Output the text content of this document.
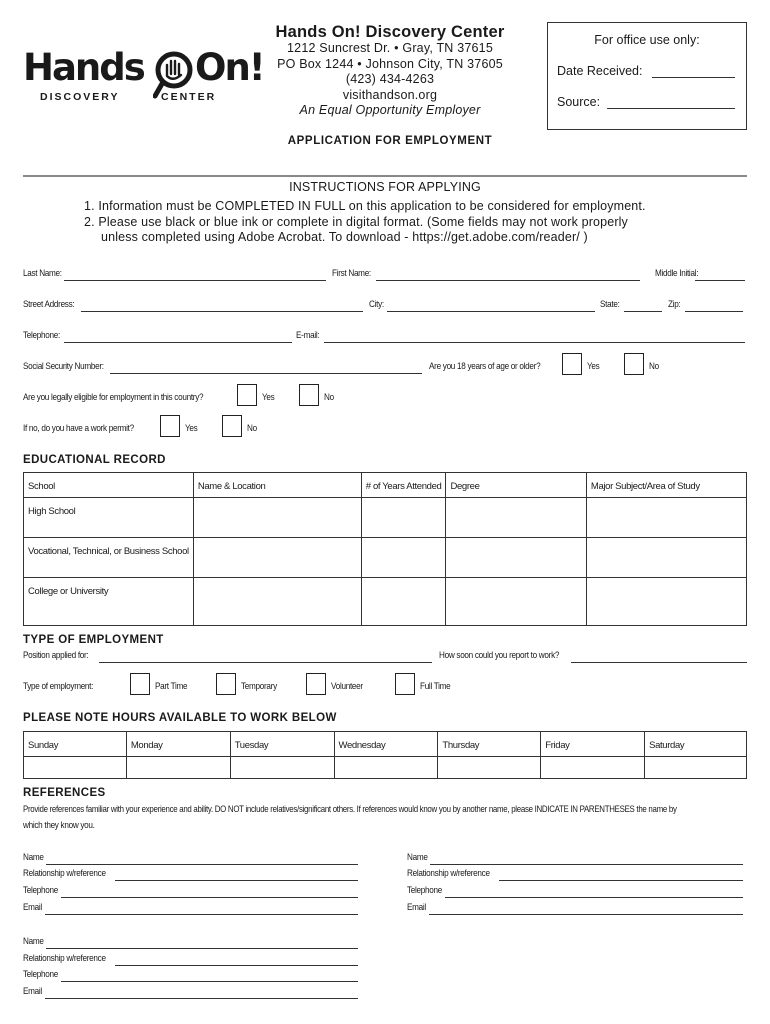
Hands On!
DISCOVERY	CENTER
Hands On! Discovery Center
1212 Suncrest Dr. • Gray, TN 37615
PO Box 1244 • Johnson City, TN 37605
(423) 434-4263
visithandson.org
An Equal Opportunity Employer
APPLICATION FOR EMPLOYMENT
For office use only:
Date Received:
Source:
INSTRUCTIONS FOR APPLYING
1. Information must be COMPLETED IN FULL on this application to be considered for employment.
2. Please use black or blue ink or complete in digital format. (Some fields may not work properly
unless completed using Adobe Acrobat. To download - https://get.adobe.com/reader/ )
Last Name:	First Name:	Middle Initial:
Street Address:	City:	State:	Zip:
Telephone:	E-mail:
Social Security Number:	Are you 18 years of age or older?	Yes	No
Are you legally eligible for employment in this country?	Yes	No
If no, do you have a work permit?	Yes	No
EDUCATIONAL RECORD
School	Name & Location	# of Years Attended	Degree	Major Subject/Area of Study
High School				
Vocational, Technical, or Business School				
College or University				
TYPE OF EMPLOYMENT
Position applied for:	How soon could you report to work?
Type of employment:	Part Time	Temporary	Volunteer	Full Time
PLEASE NOTE HOURS AVAILABLE TO WORK BELOW
Sunday	Monday	Tuesday	Wednesday	Thursday	Friday	Saturday

REFERENCES
Provide references familiar with your experience and ability. DO NOT include relatives/significant others. If references would know you by another name, please INDICATE IN PARENTHESES the name by
which they know you.
Name
Relationship w/reference
Telephone
Email
Name
Relationship w/reference
Telephone
Email
Name
Relationship w/reference
Telephone
Email
